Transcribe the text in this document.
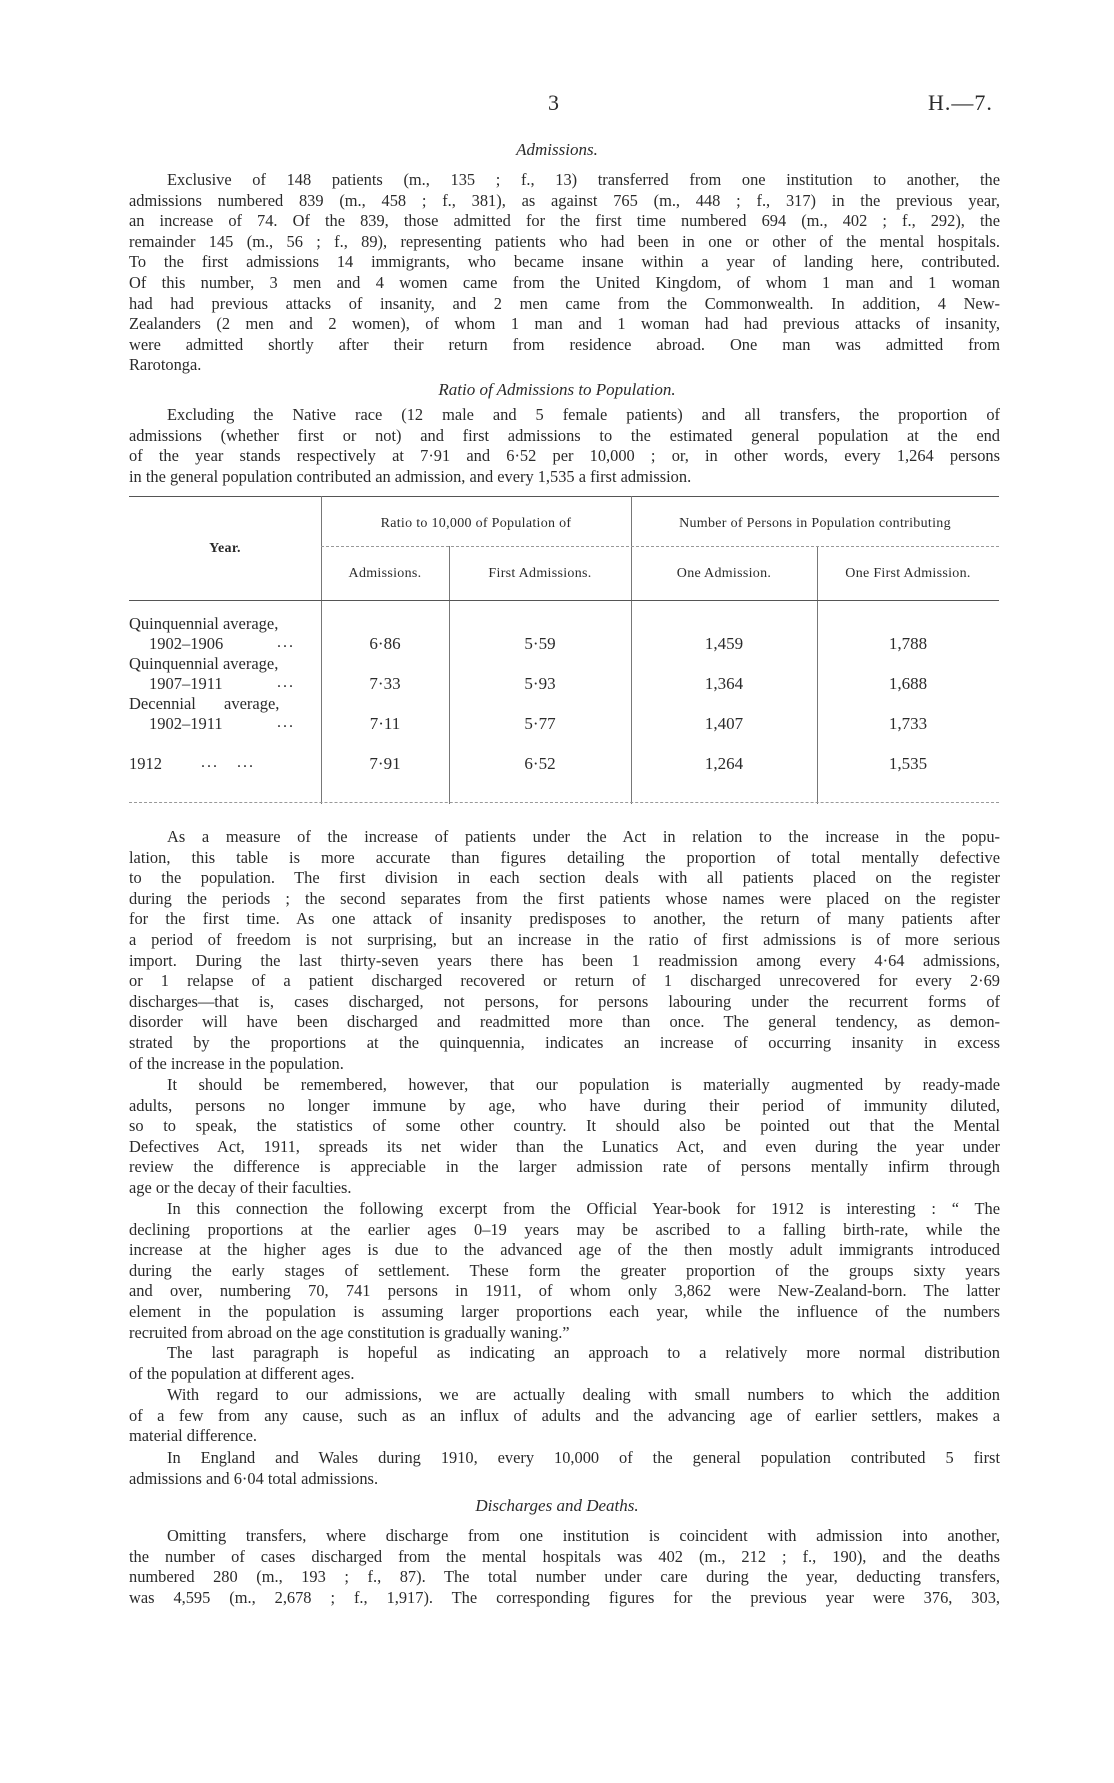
3	H.—7.
Admissions.
Exclusive of 148 patients (m., 135 ; f., 13) transferred from one institution to another, the
admissions numbered 839 (m., 458 ; f., 381), as against 765 (m., 448 ; f., 317) in the previous year,
an increase of 74. Of the 839, those admitted for the first time numbered 694 (m., 402 ; f., 292), the
remainder 145 (m., 56 ; f., 89), representing patients who had been in one or other of the mental hospitals.
To the first admissions 14 immigrants, who became insane within a year of landing here, contributed.
Of this number, 3 men and 4 women came from the United Kingdom, of whom 1 man and 1 woman
had had previous attacks of insanity, and 2 men came from the Commonwealth. In addition, 4 New-
Zealanders (2 men and 2 women), of whom 1 man and 1 woman had had previous attacks of insanity,
were admitted shortly after their return from residence abroad. One man was admitted from
Rarotonga.
Ratio of Admissions to Population.
Excluding the Native race (12 male and 5 female patients) and all transfers, the proportion of
admissions (whether first or not) and first admissions to the estimated general population at the end
of the year stands respectively at 7·91 and 6·52 per 10,000 ; or, in other words, every 1,264 persons
in the general population contributed an admission, and every 1,535 a first admission.
Year.
Ratio to 10,000 of Population of	Number of Persons in Population contributing
Admissions.	First Admissions.	One Admission.	One First Admission.
Quinquennial average,
1902–1906	...	6·86	5·59	1,459	1,788
Quinquennial average,
1907–1911	...	7·33	5·93	1,364	1,688
Decennial average,
1902–1911	...	7·11	5·77	1,407	1,733
1912 ...   ...	7·91	6·52	1,264	1,535
As a measure of the increase of patients under the Act in relation to the increase in the popu-
lation, this table is more accurate than figures detailing the proportion of total mentally defective
to the population. The first division in each section deals with all patients placed on the register
during the periods ; the second separates from the first patients whose names were placed on the register
for the first time. As one attack of insanity predisposes to another, the return of many patients after
a period of freedom is not surprising, but an increase in the ratio of first admissions is of more serious
import. During the last thirty-seven years there has been 1 readmission among every 4·64 admissions,
or 1 relapse of a patient discharged recovered or return of 1 discharged unrecovered for every 2·69
discharges—that is, cases discharged, not persons, for persons labouring under the recurrent forms of
disorder will have been discharged and readmitted more than once. The general tendency, as demon-
strated by the proportions at the quinquennia, indicates an increase of occurring insanity in excess
of the increase in the population.
It should be remembered, however, that our population is materially augmented by ready-made
adults, persons no longer immune by age, who have during their period of immunity diluted,
so to speak, the statistics of some other country. It should also be pointed out that the Mental
Defectives Act, 1911, spreads its net wider than the Lunatics Act, and even during the year under
review the difference is appreciable in the larger admission rate of persons mentally infirm through
age or the decay of their faculties.
In this connection the following excerpt from the Official Year-book for 1912 is interesting : “ The
declining proportions at the earlier ages 0–19 years may be ascribed to a falling birth-rate, while the
increase at the higher ages is due to the advanced age of the then mostly adult immigrants introduced
during the early stages of settlement. These form the greater proportion of the groups sixty years
and over, numbering 70, 741 persons in 1911, of whom only 3,862 were New-Zealand-born. The latter
element in the population is assuming larger proportions each year, while the influence of the numbers
recruited from abroad on the age constitution is gradually waning.”
The last paragraph is hopeful as indicating an approach to a relatively more normal distribution
of the population at different ages.
With regard to our admissions, we are actually dealing with small numbers to which the addition
of a few from any cause, such as an influx of adults and the advancing age of earlier settlers, makes a
material difference.
In England and Wales during 1910, every 10,000 of the general population contributed 5 first
admissions and 6·04 total admissions.
Discharges and Deaths.
Omitting transfers, where discharge from one institution is coincident with admission into another,
the number of cases discharged from the mental hospitals was 402 (m., 212 ; f., 190), and the deaths
numbered 280 (m., 193 ; f., 87). The total number under care during the year, deducting transfers,
was 4,595 (m., 2,678 ; f., 1,917). The corresponding figures for the previous year were 376, 303,
